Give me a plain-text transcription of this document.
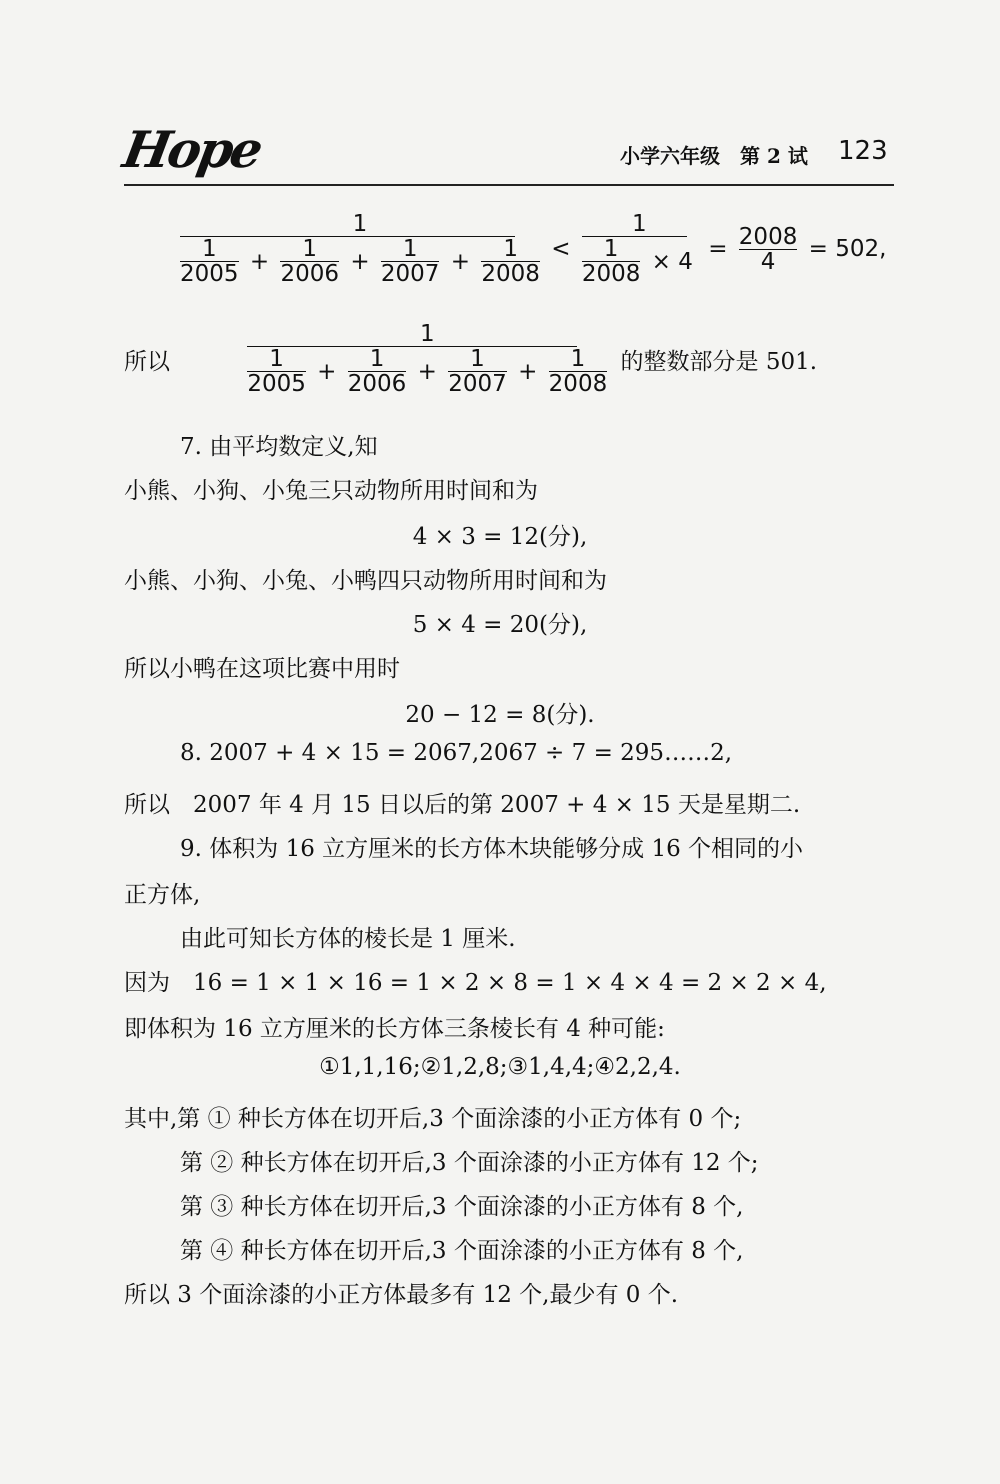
Hope	小学六年级　第 2 试 123
1
$\frac{1}{2005} + \frac{1}{2006} + \frac{1}{2007} + \frac{1}{2008} < \frac{1}{\frac{1}{2008} \times 4} = \frac{2008}{4} = 502$,
所以
1
$\frac{1}{2005} + \frac{1}{2006} + \frac{1}{2007} + \frac{1}{2008}$ 的整数部分是 501.
7. 由平均数定义,知
小熊、小狗、小兔三只动物所用时间和为
4 × 3 = 12(分),
小熊、小狗、小兔、小鸭四只动物所用时间和为
5 × 4 = 20(分),
所以小鸭在这项比赛中用时
20 − 12 = 8(分).
8. 2007 + 4 × 15 = 2067,2067 ÷ 7 = 295……2,
所以　2007 年 4 月 15 日以后的第 2007 + 4 × 15 天是星期二.
9. 体积为 16 立方厘米的长方体木块能够分成 16 个相同的小
正方体,
由此可知长方体的棱长是 1 厘米.
因为　16 = 1 × 1 × 16 = 1 × 2 × 8 = 1 × 4 × 4 = 2 × 2 × 4,
即体积为 16 立方厘米的长方体三条棱长有 4 种可能:
①1,1,16;②1,2,8;③1,4,4;④2,2,4.
其中,第 ① 种长方体在切开后,3 个面涂漆的小正方体有 0 个;
第 ② 种长方体在切开后,3 个面涂漆的小正方体有 12 个;
第 ③ 种长方体在切开后,3 个面涂漆的小正方体有 8 个,
第 ④ 种长方体在切开后,3 个面涂漆的小正方体有 8 个,
所以 3 个面涂漆的小正方体最多有 12 个,最少有 0 个.
